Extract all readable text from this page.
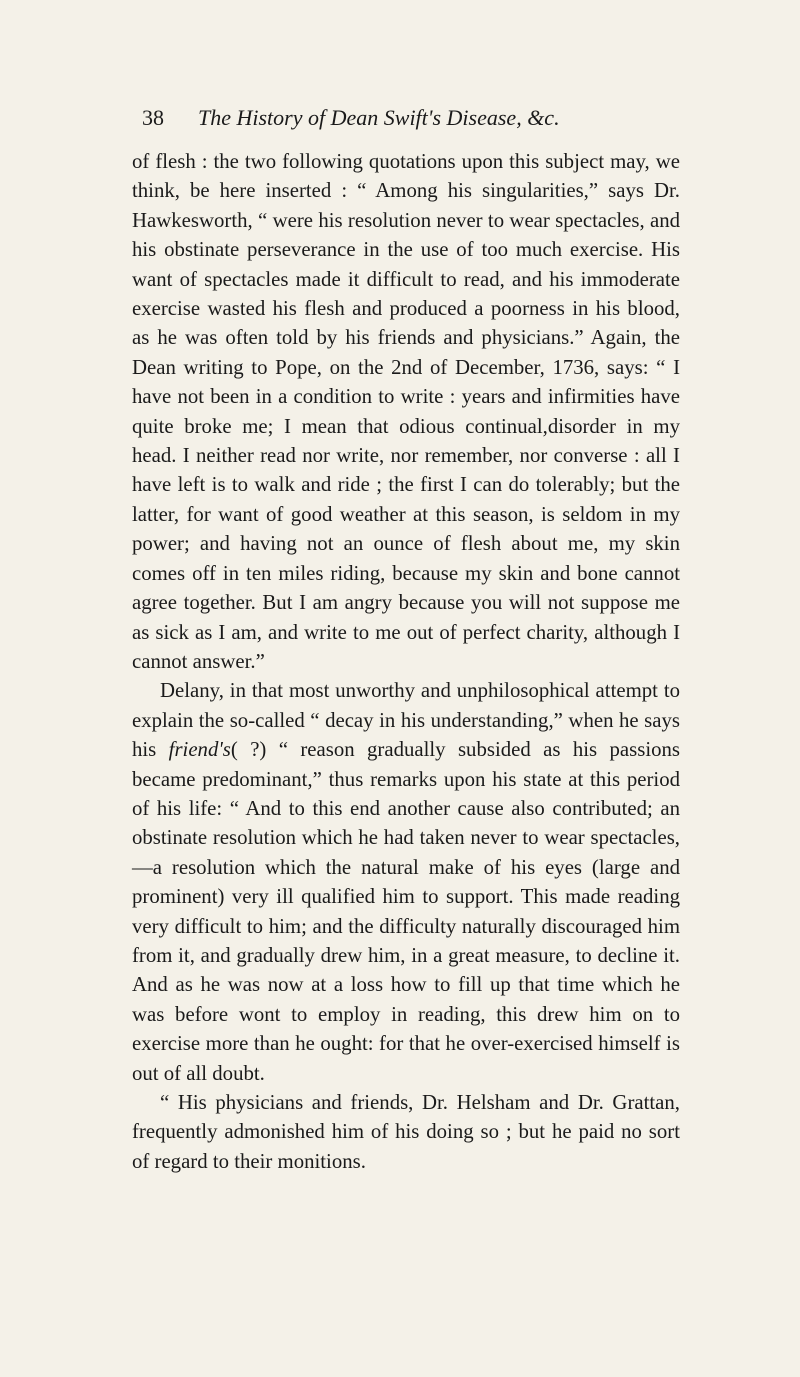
38 The History of Dean Swift's Disease, &c.

of flesh : the two following quotations upon this subject may, we think, be here inserted : “ Among his singularities,” says Dr. Hawkesworth, “ were his resolution never to wear spectacles, and his obstinate perseverance in the use of too much exercise. His want of spectacles made it difficult to read, and his immoderate exercise wasted his flesh and produced a poorness in his blood, as he was often told by his friends and physicians.” Again, the Dean writing to Pope, on the 2nd of December, 1736, says: “ I have not been in a condition to write : years and infirmities have quite broke me; I mean that odious continual,disorder in my head. I neither read nor write, nor remember, nor converse : all I have left is to walk and ride ; the first I can do tolerably; but the latter, for want of good weather at this season, is seldom in my power; and having not an ounce of flesh about me, my skin comes off in ten miles riding, because my skin and bone cannot agree together. But I am angry because you will not suppose me as sick as I am, and write to me out of perfect charity, although I cannot answer.”

Delany, in that most unworthy and unphilosophical attempt to explain the so-called “ decay in his understanding,” when he says his friend's( ?) “ reason gradually subsided as his passions became predominant,” thus remarks upon his state at this period of his life: “ And to this end another cause also contributed; an obstinate resolution which he had taken never to wear spectacles,—a resolution which the natural make of his eyes (large and prominent) very ill qualified him to support. This made reading very difficult to him; and the difficulty naturally discouraged him from it, and gradually drew him, in a great measure, to decline it. And as he was now at a loss how to fill up that time which he was before wont to employ in reading, this drew him on to exercise more than he ought: for that he over-exercised himself is out of all doubt.

“ His physicians and friends, Dr. Helsham and Dr. Grattan, frequently admonished him of his doing so ; but he paid no sort of regard to their monitions.
